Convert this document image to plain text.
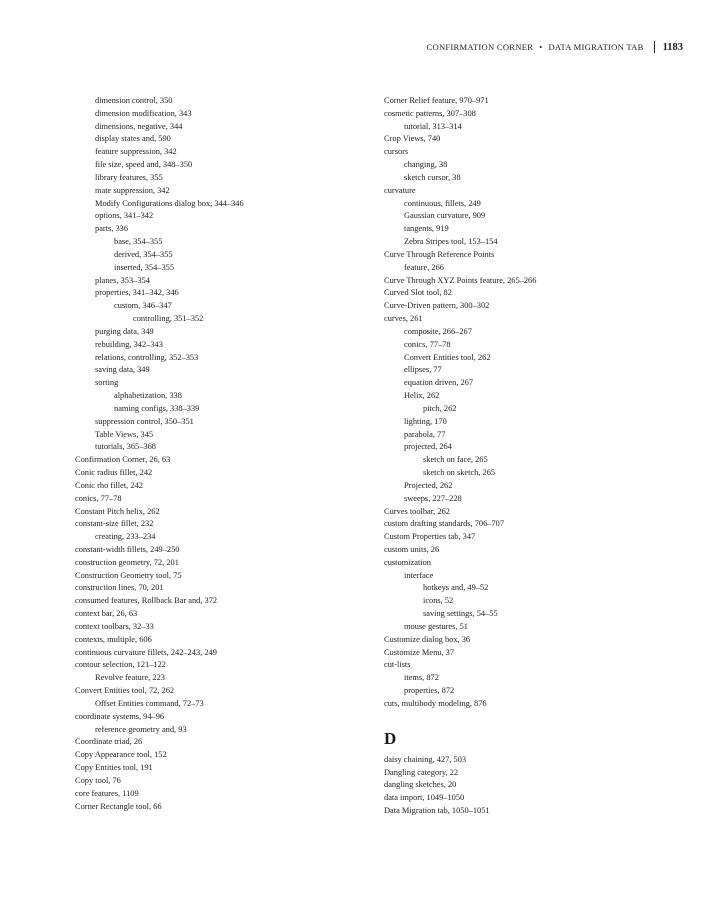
CONFIRMATION CORNER • DATA MIGRATION TAB 1183
dimension control, 350
dimension modification, 343
dimensions, negative, 344
display states and, 590
feature suppression, 342
file size, speed and, 348–350
library features, 355
mate suppression, 342
Modify Configurations dialog box, 344–346
options, 341–342
parts, 336
base, 354–355
derived, 354–355
inserted, 354–355
planes, 353–354
properties, 341–342, 346
custom, 346–347
controlling, 351–352
purging data, 349
rebuilding, 342–343
relations, controlling, 352–353
saving data, 349
sorting
alphabetization, 338
naming configs, 338–339
suppression control, 350–351
Table Views, 345
tutorials, 365–368
Confirmation Corner, 26, 63
Conic radius fillet, 242
Conic rho fillet, 242
conics, 77–78
Constant Pitch helix, 262
constant-size fillet, 232
creating, 233–234
constant-width fillets, 249–250
construction geometry, 72, 201
Construction Geometry tool, 75
construction lines, 70, 201
consumed features, Rollback Bar and, 372
context bar, 26, 63
context toolbars, 32–33
contexts, multiple, 606
continuous curvature fillets, 242–243, 249
contour selection, 121–122
Revolve feature, 223
Convert Entities tool, 72, 262
Offset Entities command, 72–73
coordinate systems, 94–96
reference geometry and, 93
Coordinate triad, 26
Copy Appearance tool, 152
Copy Entities tool, 191
Copy tool, 76
core features, 1109
Corner Rectangle tool, 66
Corner Relief feature, 970–971
cosmetic patterns, 307–308
tutorial, 313–314
Crop Views, 740
cursors
changing, 38
sketch cursor, 38
curvature
continuous, fillets, 249
Gaussian curvature, 909
tangents, 919
Zebra Stripes tool, 153–154
Curve Through Reference Points
feature, 266
Curve Through XYZ Points feature, 265–266
Curved Slot tool, 82
Curve-Driven pattern, 300–302
curves, 261
composite, 266–267
conics, 77–78
Convert Entities tool, 262
ellipses, 77
equation driven, 267
Helix, 262
pitch, 262
lighting, 170
parabola, 77
projected, 264
sketch on face, 265
sketch on sketch, 265
Projected, 262
sweeps, 227–228
Curves toolbar, 262
custom drafting standards, 706–707
Custom Properties tab, 347
custom units, 26
customization
interface
hotkeys and, 49–52
icons, 52
saving settings, 54–55
mouse gestures, 51
Customize dialog box, 36
Customize Menu, 37
cut-lists
items, 872
properties, 872
cuts, multibody modeling, 876
D
daisy chaining, 427, 503
Dangling category, 22
dangling sketches, 20
data import, 1049–1050
Data Migration tab, 1050–1051
